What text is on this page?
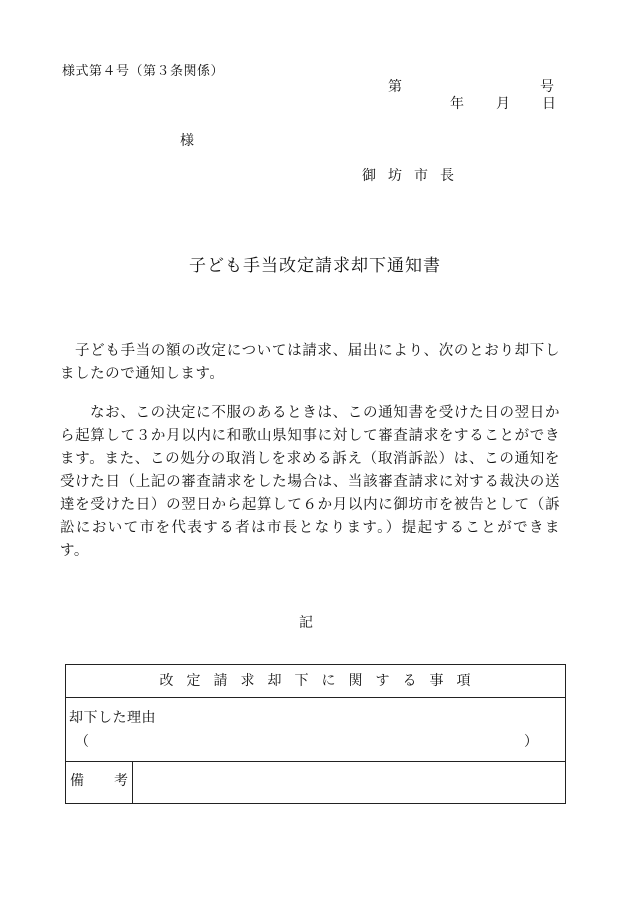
様式第４号（第３条関係）
第	号
年 月 日
様
御坊市長
子ども手当改定請求却下通知書

子ども手当の額の改定については請求、届出により、次のとおり却下しましたので通知します。

なお、この決定に不服のあるときは、この通知書を受けた日の翌日から起算して３か月以内に和歌山県知事に対して審査請求をすることができます。また、この処分の取消しを求める訴え（取消訴訟）は、この通知を受けた日（上記の審査請求をした場合は、当該審査請求に対する裁決の送達を受けた日）の翌日から起算して６か月以内に御坊市を被告として（訴訟において市を代表する者は市長となります。）提起することができます。

記
改定請求却下に関する事項
却下した理由
（	）
備 考
